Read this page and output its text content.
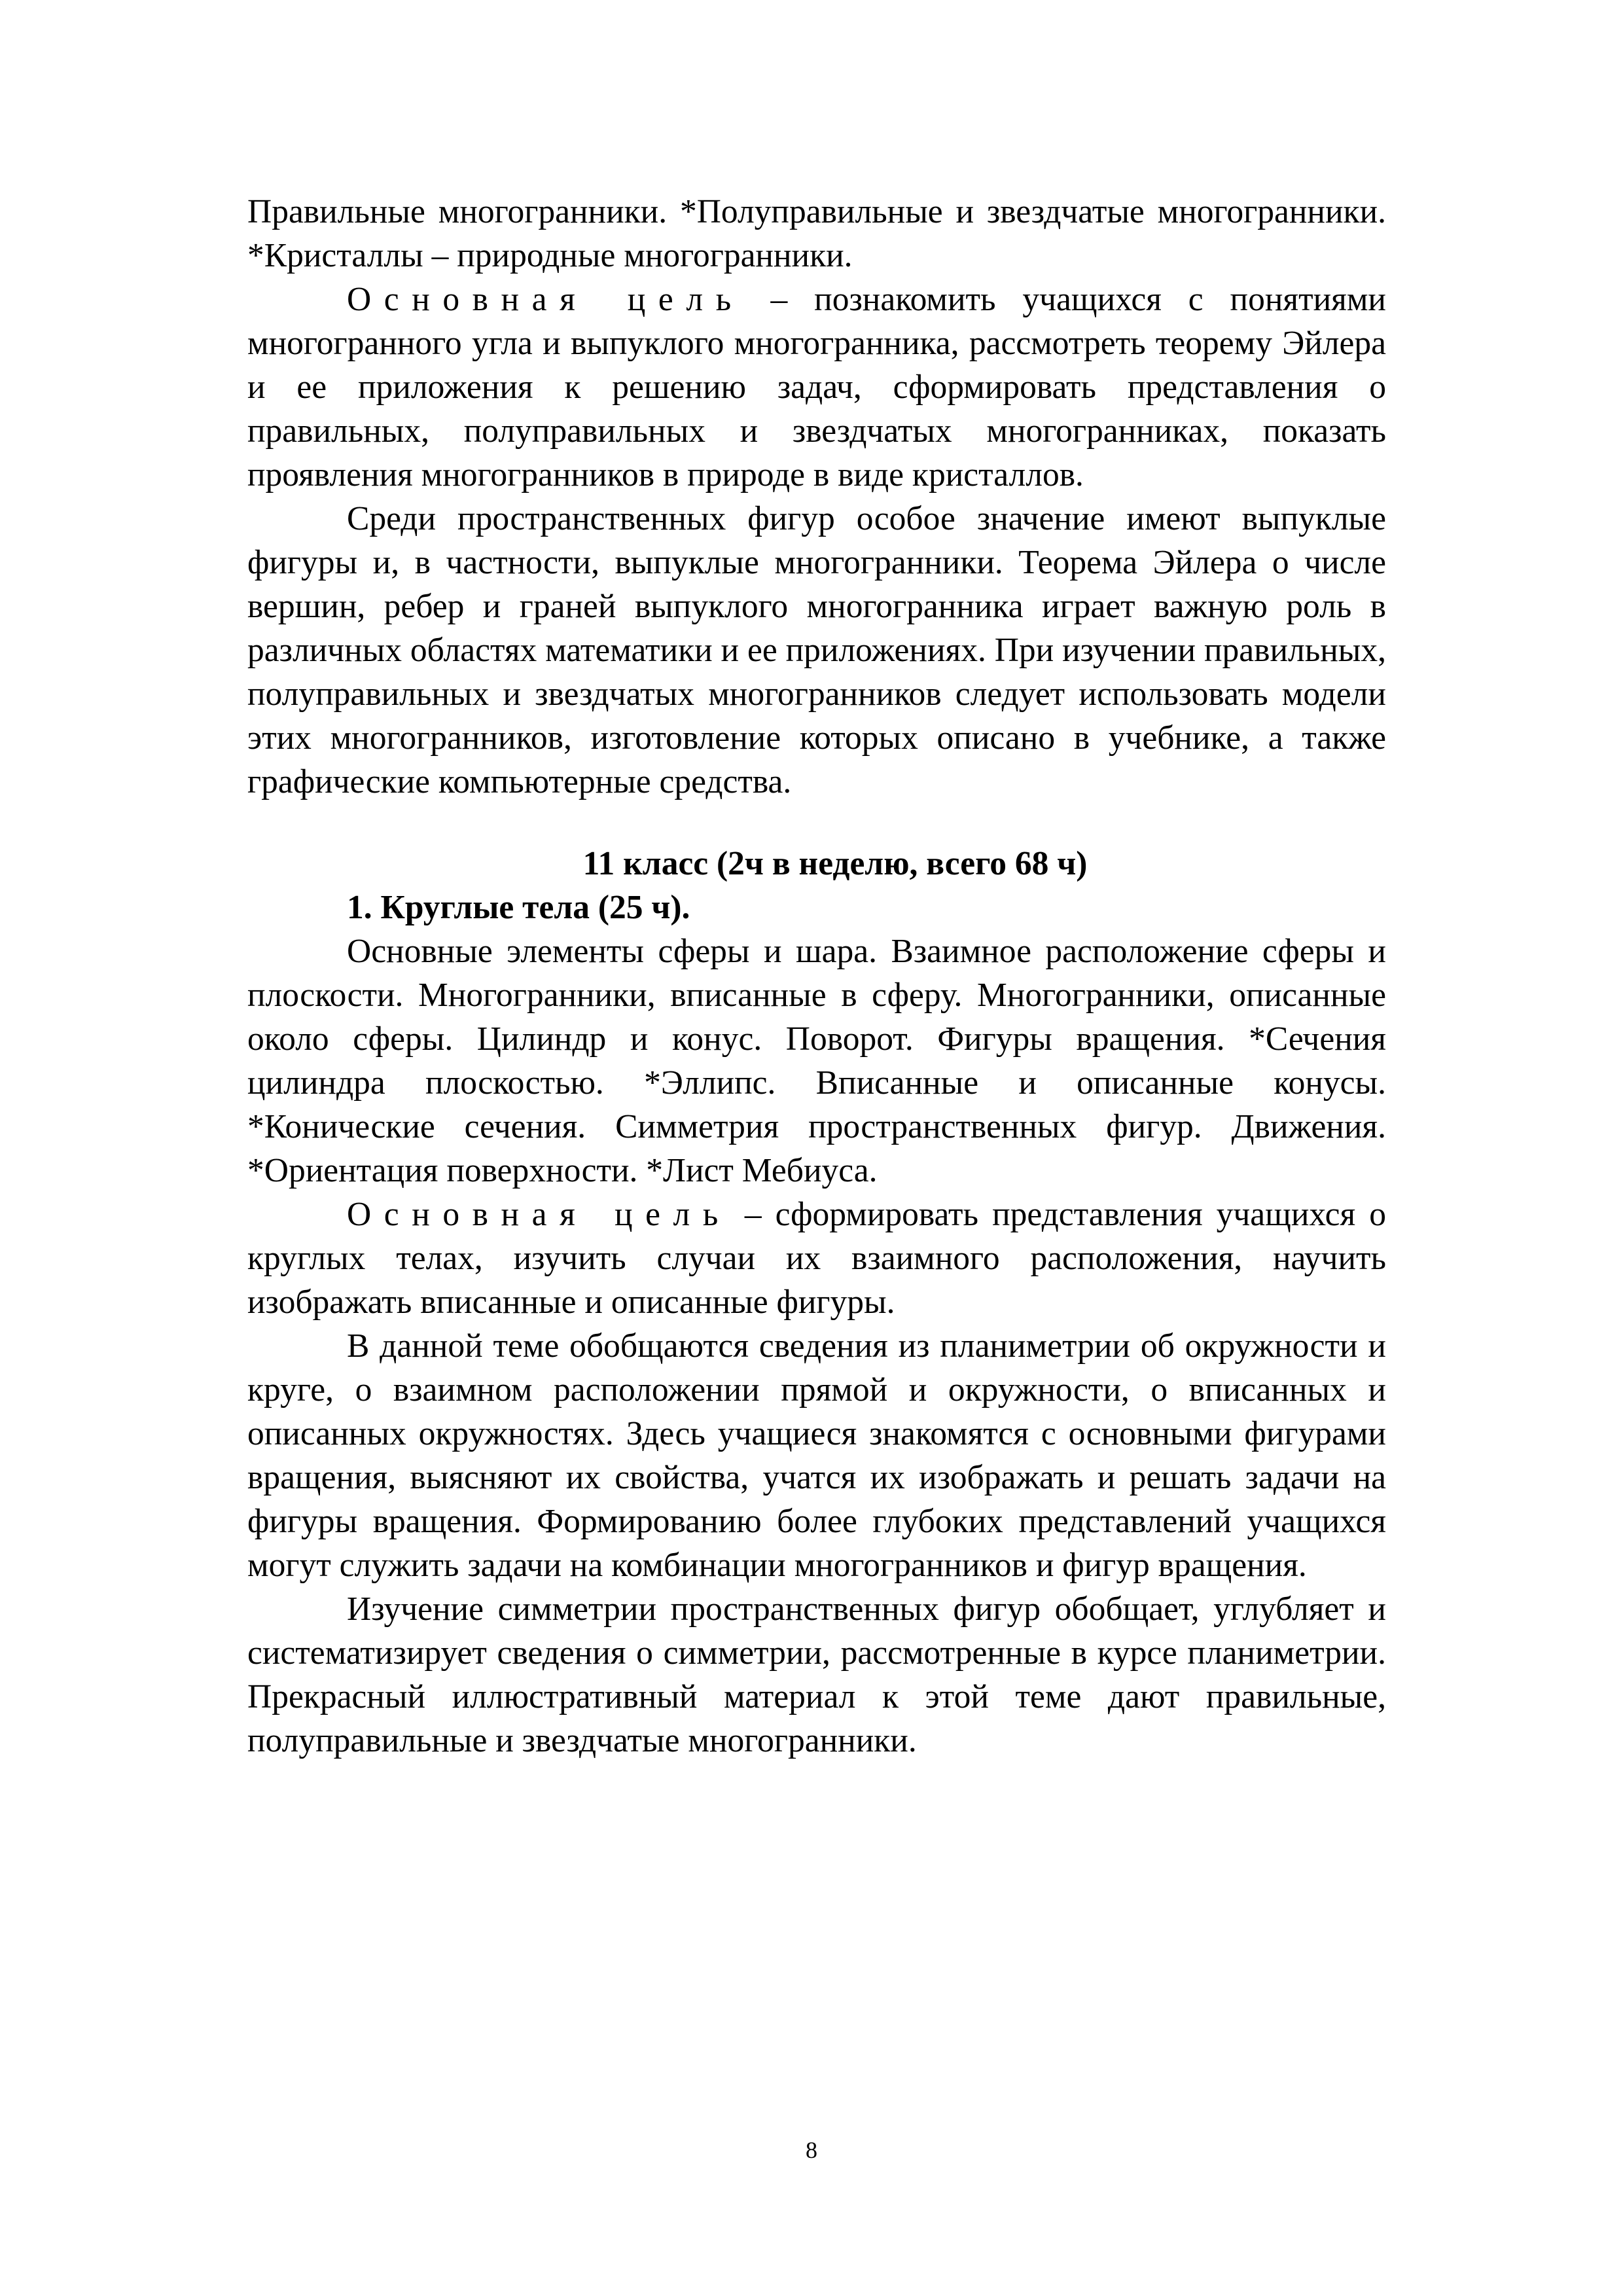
Правильные многогранники. *Полуправильные и звездчатые многогранники. *Кристаллы – природные многогранники.

Основная цель – познакомить учащихся с понятиями многогранного угла и выпуклого многогранника, рассмотреть теорему Эйлера и ее приложения к решению задач, сформировать представления о правильных, полуправильных и звездчатых многогранниках, показать проявления многогранников в природе в виде кристаллов.

Среди пространственных фигур особое значение имеют выпуклые фигуры и, в частности, выпуклые многогранники. Теорема Эйлера о числе вершин, ребер и граней выпуклого многогранника играет важную роль в различных областях математики и ее приложениях. При изучении правильных, полуправильных и звездчатых многогранников следует использовать модели этих многогранников, изготовление которых описано в учебнике, а также графические компьютерные средства.

11 класс (2ч в неделю, всего 68 ч)

1. Круглые тела (25 ч).

Основные элементы сферы и шара. Взаимное расположение сферы и плоскости. Многогранники, вписанные в сферу. Многогранники, описанные около сферы. Цилиндр и конус. Поворот. Фигуры вращения. *Сечения цилиндра плоскостью. *Эллипс. Вписанные и описанные конусы. *Конические сечения. Симметрия пространственных фигур. Движения. *Ориентация поверхности. *Лист Мебиуса.

Основная цель – сформировать представления учащихся о круглых телах, изучить случаи их взаимного расположения, научить изображать вписанные и описанные фигуры.

В данной теме обобщаются сведения из планиметрии об окружности и круге, о взаимном расположении прямой и окружности, о вписанных и описанных окружностях. Здесь учащиеся знакомятся с основными фигурами вращения, выясняют их свойства, учатся их изображать и решать задачи на фигуры вращения. Формированию более глубоких представлений учащихся могут служить задачи на комбинации многогранников и фигур вращения.

Изучение симметрии пространственных фигур обобщает, углубляет и систематизирует сведения о симметрии, рассмотренные в курсе планиметрии. Прекрасный иллюстративный материал к этой теме дают правильные, полуправильные и звездчатые многогранники.

8
